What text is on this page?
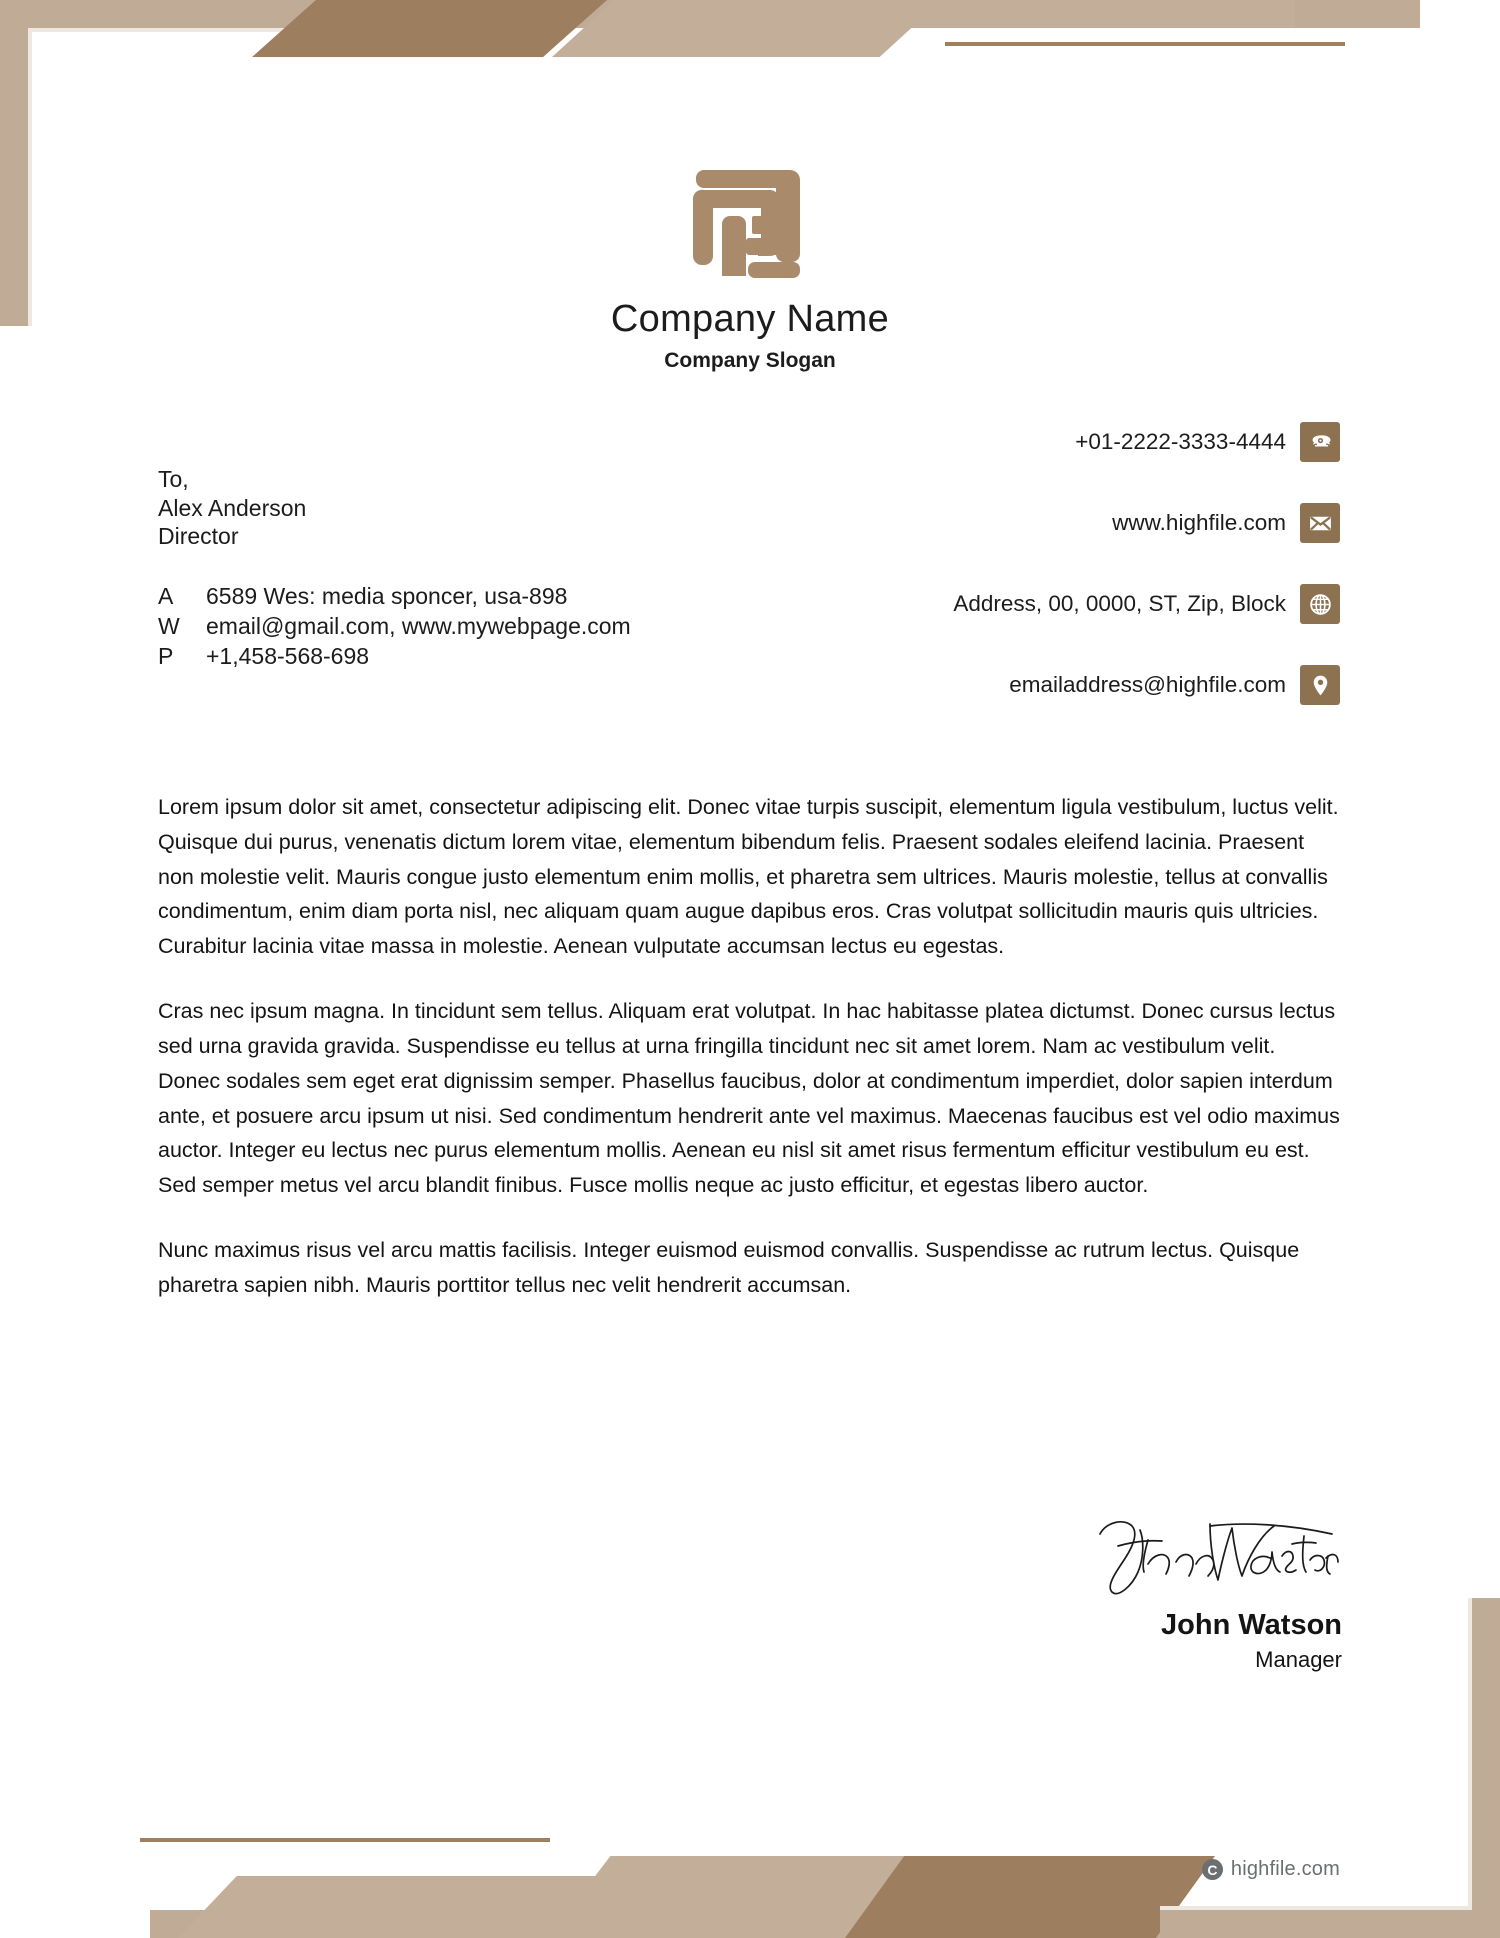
Company Name
Company Slogan
+01-2222-3333-4444
www.highfile.com
Address, 00, 0000, ST, Zip, Block
emailaddress@highfile.com
To,
Alex Anderson
Director
A	6589 Wes: media sponcer, usa-898
W	email@gmail.com, www.mywebpage.com
P	+1,458-568-698

Lorem ipsum dolor sit amet, consectetur adipiscing elit. Donec vitae turpis suscipit, elementum ligula vestibulum, luctus velit. Quisque dui purus, venenatis dictum lorem vitae, elementum bibendum felis. Praesent sodales eleifend lacinia. Praesent non molestie velit. Mauris congue justo elementum enim mollis, et pharetra sem ultrices. Mauris molestie, tellus at convallis condimentum, enim diam porta nisl, nec aliquam quam augue dapibus eros. Cras volutpat sollicitudin mauris quis ultricies. Curabitur lacinia vitae massa in molestie. Aenean vulputate accumsan lectus eu egestas.

Cras nec ipsum magna. In tincidunt sem tellus. Aliquam erat volutpat. In hac habitasse platea dictumst. Donec cursus lectus sed urna gravida gravida. Suspendisse eu tellus at urna fringilla tincidunt nec sit amet lorem. Nam ac vestibulum velit. Donec sodales sem eget erat dignissim semper. Phasellus faucibus, dolor at condimentum imperdiet, dolor sapien interdum ante, et posuere arcu ipsum ut nisi. Sed condimentum hendrerit ante vel maximus. Maecenas faucibus est vel odio maximus auctor. Integer eu lectus nec purus elementum mollis. Aenean eu nisl sit amet risus fermentum efficitur vestibulum eu est. Sed semper metus vel arcu blandit finibus. Fusce mollis neque ac justo efficitur, et egestas libero auctor.

Nunc maximus risus vel arcu mattis facilisis. Integer euismod euismod convallis. Suspendisse ac rutrum lectus. Quisque pharetra sapien nibh. Mauris porttitor tellus nec velit hendrerit accumsan.

John Watson
Manager
C highfile.com
